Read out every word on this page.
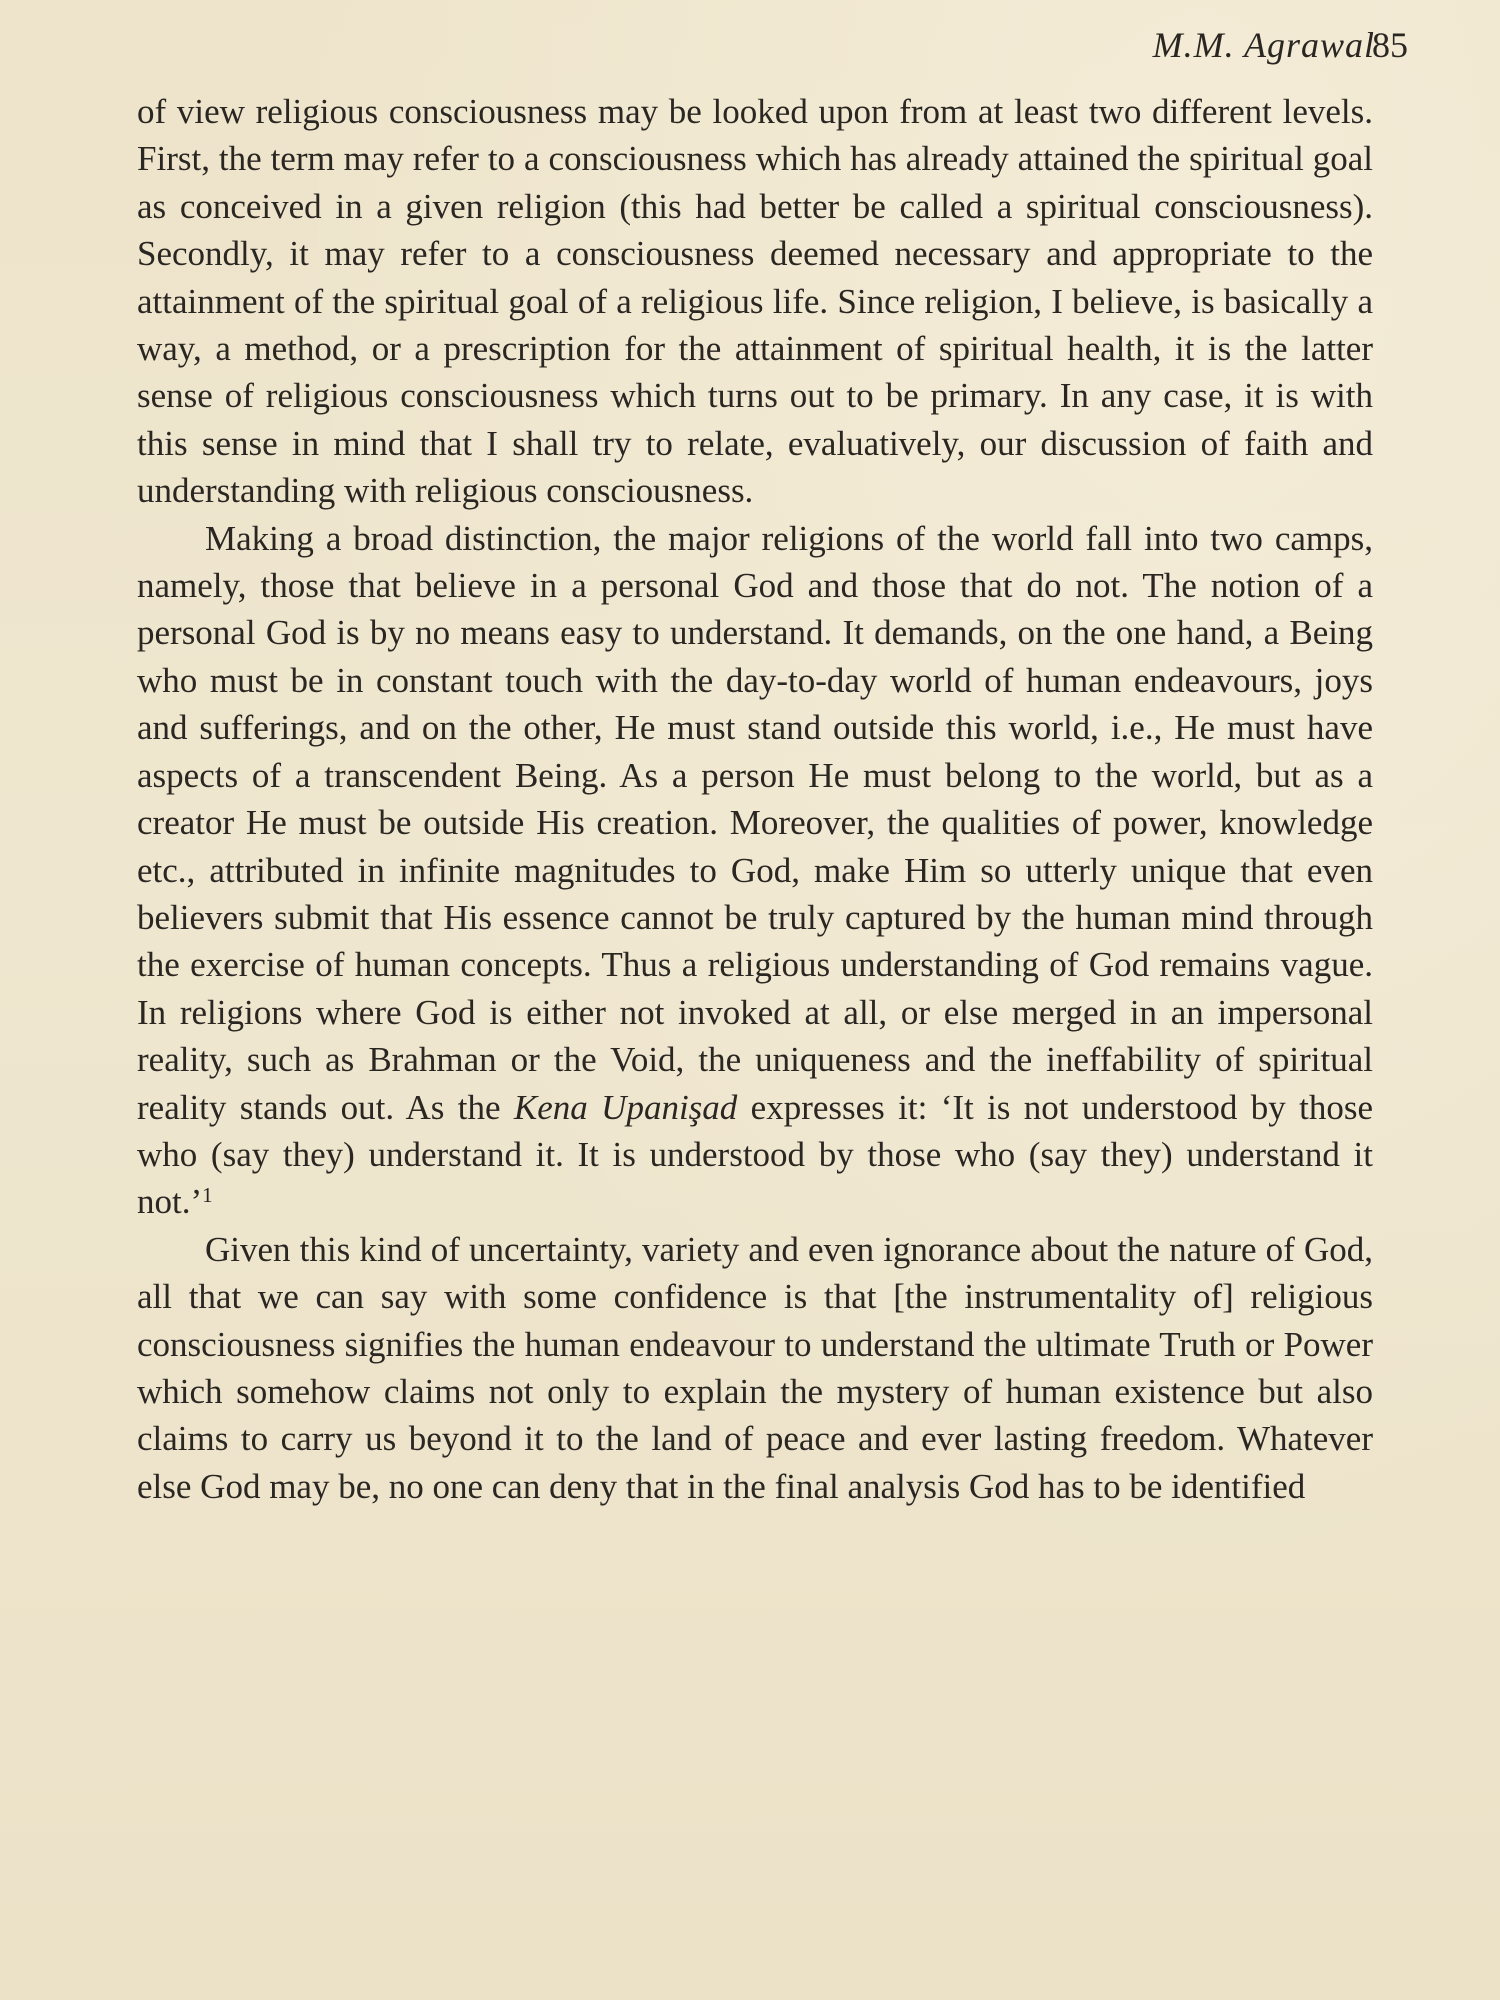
M.M. Agrawal
85

of view religious consciousness may be looked upon from at least two different levels. First, the term may refer to a consciousness which has already attained the spiritual goal as conceived in a given religion (this had better be called a spiritual consciousness). Secondly, it may refer to a consciousness deemed necessary and appropriate to the attainment of the spiritual goal of a religious life. Since religion, I believe, is basically a way, a method, or a prescription for the attainment of spiritual health, it is the latter sense of religious consciousness which turns out to be primary. In any case, it is with this sense in mind that I shall try to relate, evaluatively, our discussion of faith and understanding with religious consciousness.

Making a broad distinction, the major religions of the world fall into two camps, namely, those that believe in a personal God and those that do not. The notion of a personal God is by no means easy to understand. It demands, on the one hand, a Being who must be in constant touch with the day-to-day world of human endeavours, joys and sufferings, and on the other, He must stand outside this world, i.e., He must have aspects of a transcendent Being. As a person He must belong to the world, but as a creator He must be outside His creation. Moreover, the qualities of power, knowledge etc., attributed in infinite magnitudes to God, make Him so utterly unique that even believers submit that His essence cannot be truly captured by the human mind through the exercise of human concepts. Thus a religious understanding of God remains vague. In religions where God is either not invoked at all, or else merged in an impersonal reality, such as Brahman or the Void, the uniqueness and the ineffability of spiritual reality stands out. As the Kena Upanişad expresses it: ‘It is not understood by those who (say they) understand it. It is understood by those who (say they) understand it not.’$^1$

Given this kind of uncertainty, variety and even ignorance about the nature of God, all that we can say with some confidence is that [the instrumentality of] religious consciousness signifies the human endeavour to understand the ultimate Truth or Power which somehow claims not only to explain the mystery of human existence but also claims to carry us beyond it to the land of peace and ever lasting freedom. Whatever else God may be, no one can deny that in the final analysis God has to be identified
